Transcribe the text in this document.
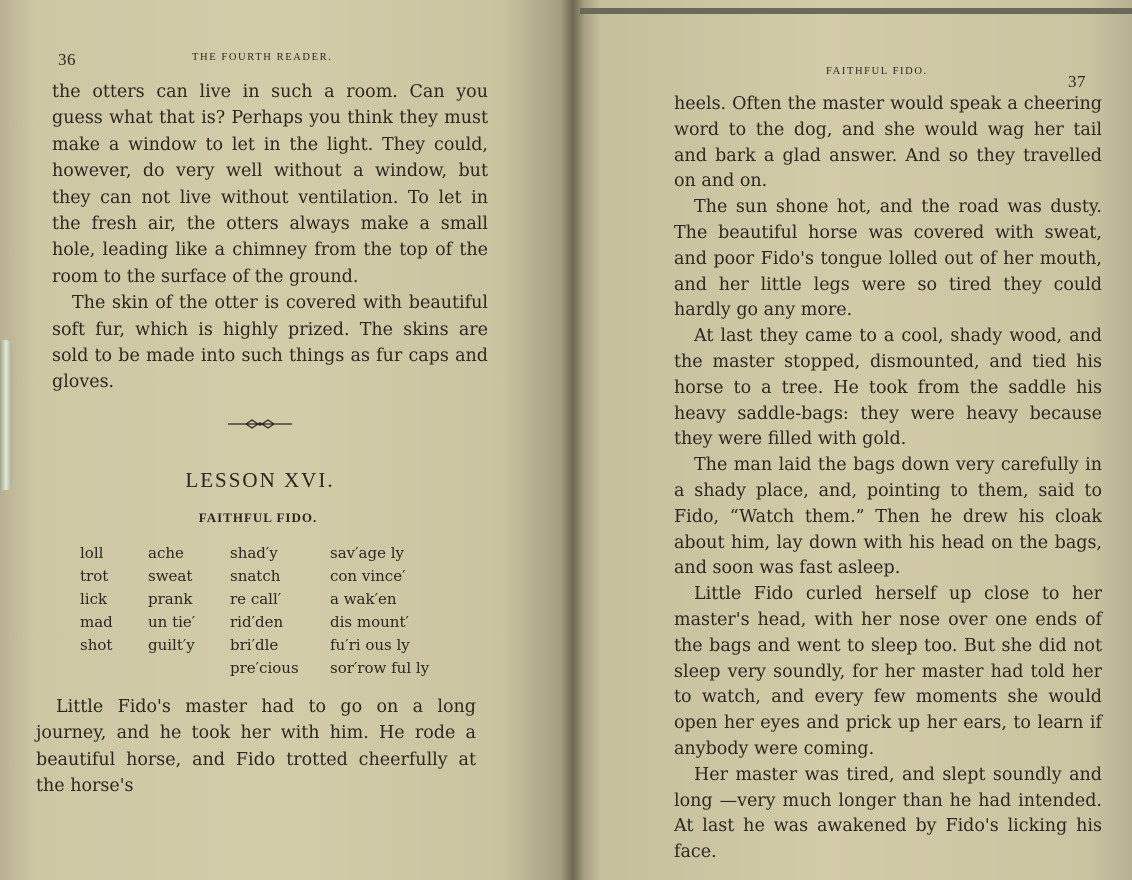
36	THE FOURTH READER.

the otters can live in such a room. Can you guess what that is? Perhaps you think they must make a window to let in the light. They could, however, do very well without a window, but they can not live without ventilation. To let in the fresh air, the otters always make a small hole, leading like a chimney from the top of the room to the surface of the ground.

The skin of the otter is covered with beautiful soft fur, which is highly prized. The skins are sold to be made into such things as fur caps and gloves.

LESSON XVI.
FAITHFUL FIDO.
loll
trot
lick
mad
shot
ache
sweat
prank
un tie′
guilt′y
shad′y
snatch
re call′
rid′den
bri′dle
pre′cious
sav′age ly
con vince′
a wak′en
dis mount′
fu′ri ous ly
sor′row ful ly

Little Fido's master had to go on a long journey, and he took her with him. He rode a beautiful horse, and Fido trotted cheerfully at the horse's

FAITHFUL FIDO.
37

heels. Often the master would speak a cheering word to the dog, and she would wag her tail and bark a glad answer. And so they travelled on and on.

The sun shone hot, and the road was dusty. The beautiful horse was covered with sweat, and poor Fido's tongue lolled out of her mouth, and her little legs were so tired they could hardly go any more.

At last they came to a cool, shady wood, and the master stopped, dismounted, and tied his horse to a tree. He took from the saddle his heavy saddle-bags: they were heavy because they were filled with gold.

The man laid the bags down very carefully in a shady place, and, pointing to them, said to Fido, “Watch them.” Then he drew his cloak about him, lay down with his head on the bags, and soon was fast asleep.

Little Fido curled herself up close to her master's head, with her nose over one ends of the bags and went to sleep too. But she did not sleep very soundly, for her master had told her to watch, and every few moments she would open her eyes and prick up her ears, to learn if anybody were coming.

Her master was tired, and slept soundly and long —very much longer than he had intended. At last he was awakened by Fido's licking his face.
